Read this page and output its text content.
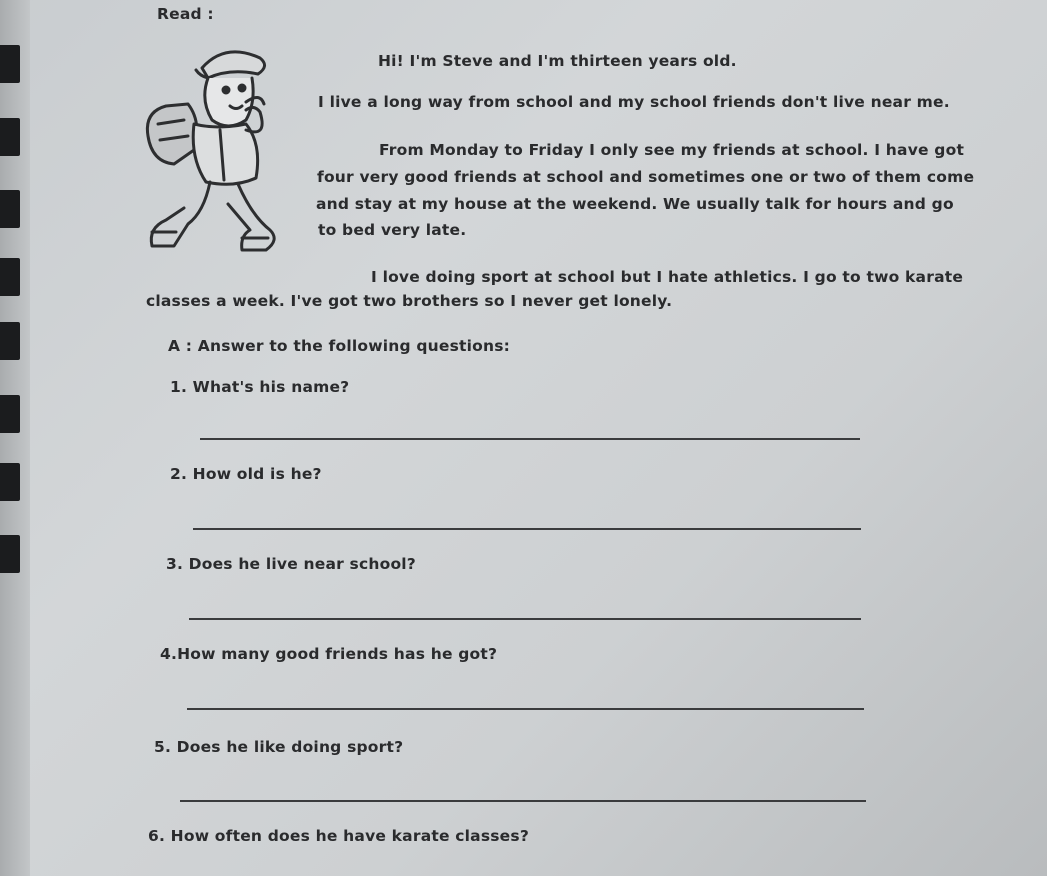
Read :
Hi! I'm Steve and I'm thirteen years old.
I live a long way from school and my school friends don't live near me.
From Monday to Friday I only see my friends at school. I have got
four very good friends at school and sometimes one or two of them come
and stay at my house at the weekend. We usually talk for hours and go
to bed very late.
I love doing sport at school but I hate athletics. I go to two karate
classes a week. I've got two brothers so I never get lonely.
A : Answer to the following questions:
1. What's his name?
2. How old is he?
3. Does he live near school?
4.How many good friends has he got?
5. Does he like doing sport?
6. How often does he have karate classes?
